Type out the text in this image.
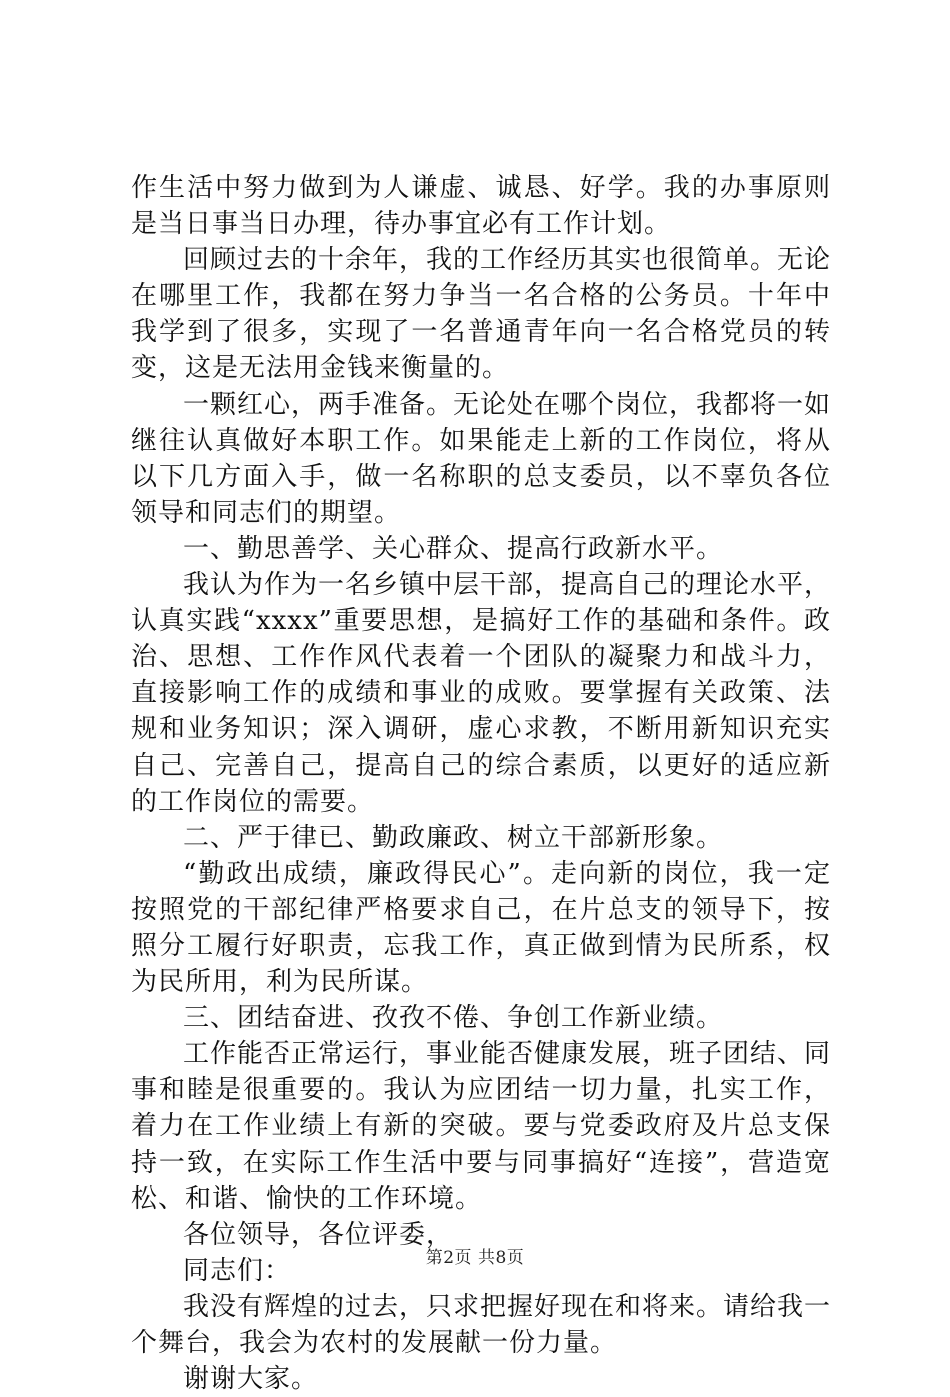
作生活中努力做到为人谦虚、诚恳、好学。我的办事原则是当日事当日办理，待办事宜必有工作计划。

回顾过去的十余年，我的工作经历其实也很简单。无论在哪里工作，我都在努力争当一名合格的公务员。十年中我学到了很多，实现了一名普通青年向一名合格党员的转变，这是无法用金钱来衡量的。

一颗红心，两手准备。无论处在哪个岗位，我都将一如继往认真做好本职工作。如果能走上新的工作岗位，将从以下几方面入手，做一名称职的总支委员，以不辜负各位领导和同志们的期望。

一、勤思善学、关心群众、提高行政新水平。

我认为作为一名乡镇中层干部，提高自己的理论水平，认真实践“xxxx”重要思想，是搞好工作的基础和条件。政治、思想、工作作风代表着一个团队的凝聚力和战斗力，直接影响工作的成绩和事业的成败。要掌握有关政策、法规和业务知识；深入调研，虚心求教，不断用新知识充实自己、完善自己，提高自己的综合素质，以更好的适应新的工作岗位的需要。

二、严于律已、勤政廉政、树立干部新形象。

“勤政出成绩，廉政得民心”。走向新的岗位，我一定按照党的干部纪律严格要求自己，在片总支的领导下，按照分工履行好职责，忘我工作，真正做到情为民所系，权为民所用，利为民所谋。

三、团结奋进、孜孜不倦、争创工作新业绩。

工作能否正常运行，事业能否健康发展，班子团结、同事和睦是很重要的。我认为应团结一切力量，扎实工作，着力在工作业绩上有新的突破。要与党委政府及片总支保持一致，在实际工作生活中要与同事搞好“连接”，营造宽松、和谐、愉快的工作环境。

各位领导，各位评委，

同志们：

我没有辉煌的过去，只求把握好现在和将来。请给我一个舞台，我会为农村的发展献一份力量。

谢谢大家。

第2页 共8页
